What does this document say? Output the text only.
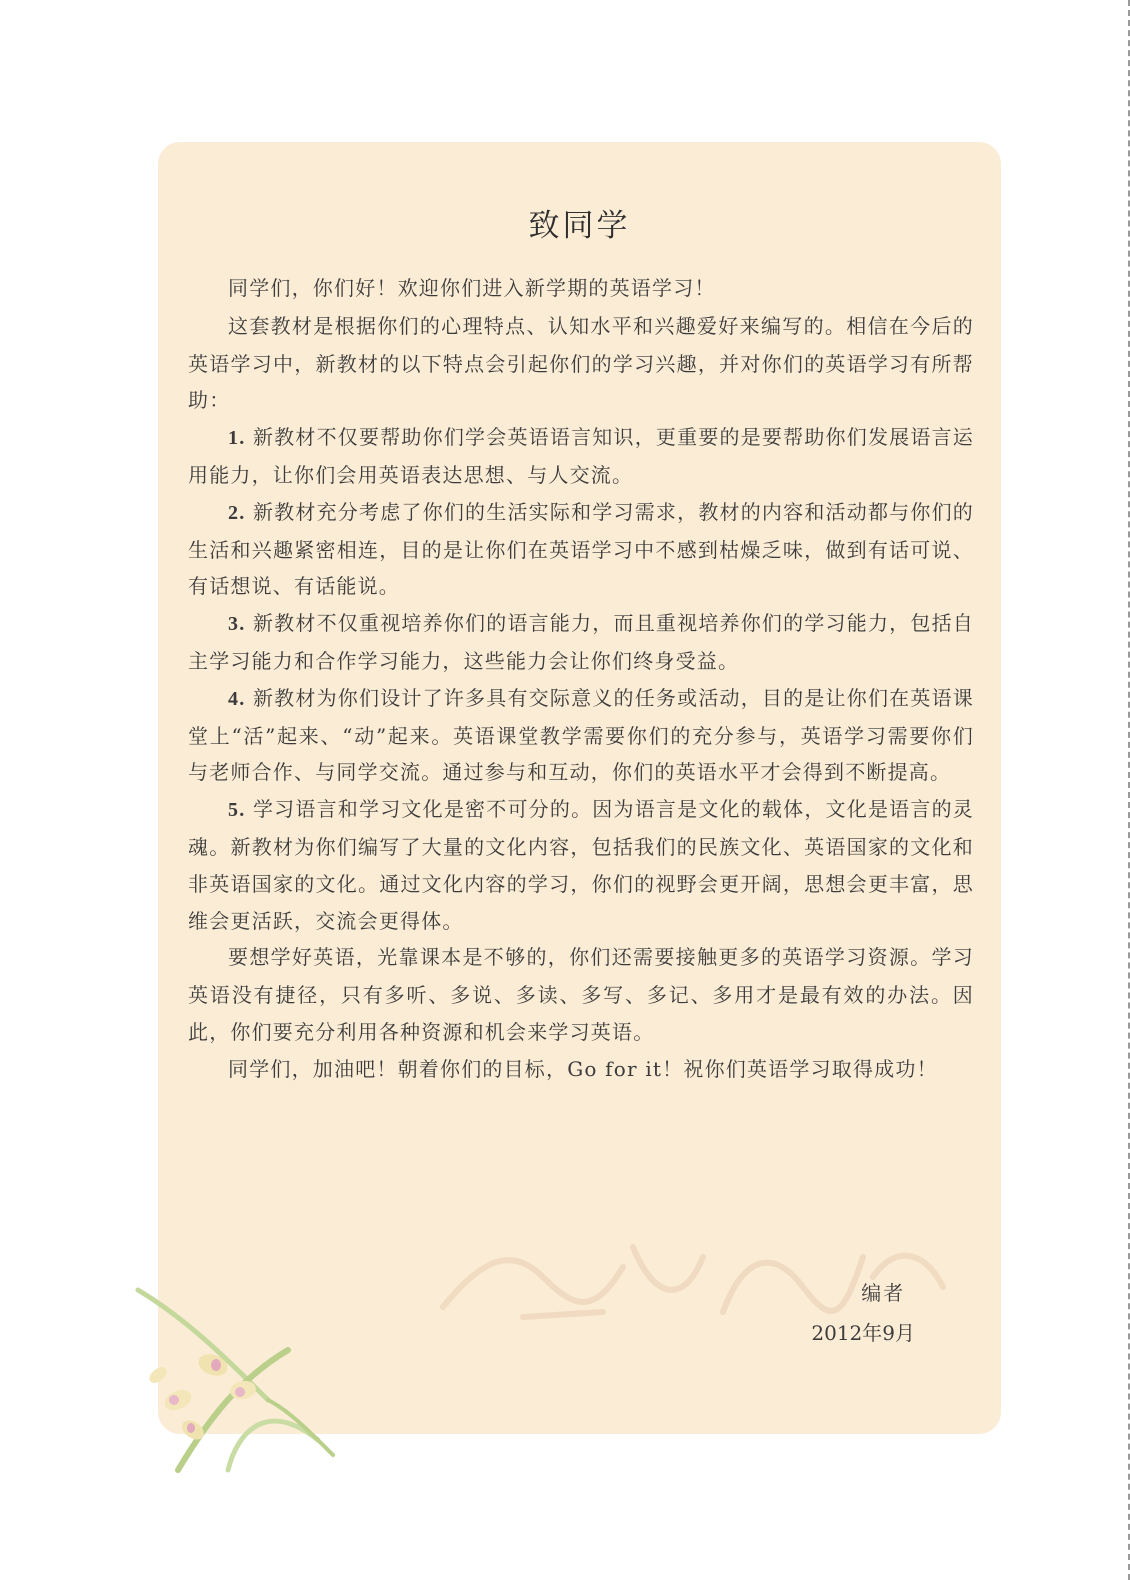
致同学

同学们，你们好！欢迎你们进入新学期的英语学习！

这套教材是根据你们的心理特点、认知水平和兴趣爱好来编写的。相信在今后的英语学习中，新教材的以下特点会引起你们的学习兴趣，并对你们的英语学习有所帮助：

1. 新教材不仅要帮助你们学会英语语言知识，更重要的是要帮助你们发展语言运用能力，让你们会用英语表达思想、与人交流。

2. 新教材充分考虑了你们的生活实际和学习需求，教材的内容和活动都与你们的生活和兴趣紧密相连，目的是让你们在英语学习中不感到枯燥乏味，做到有话可说、有话想说、有话能说。

3. 新教材不仅重视培养你们的语言能力，而且重视培养你们的学习能力，包括自主学习能力和合作学习能力，这些能力会让你们终身受益。

4. 新教材为你们设计了许多具有交际意义的任务或活动，目的是让你们在英语课堂上“活”起来、“动”起来。英语课堂教学需要你们的充分参与，英语学习需要你们与老师合作、与同学交流。通过参与和互动，你们的英语水平才会得到不断提高。

5. 学习语言和学习文化是密不可分的。因为语言是文化的载体，文化是语言的灵魂。新教材为你们编写了大量的文化内容，包括我们的民族文化、英语国家的文化和非英语国家的文化。通过文化内容的学习，你们的视野会更开阔，思想会更丰富，思维会更活跃，交流会更得体。

要想学好英语，光靠课本是不够的，你们还需要接触更多的英语学习资源。学习英语没有捷径，只有多听、多说、多读、多写、多记、多用才是最有效的办法。因此，你们要充分利用各种资源和机会来学习英语。

同学们，加油吧！朝着你们的目标，Go for it！祝你们英语学习取得成功！

编者
2012年9月
